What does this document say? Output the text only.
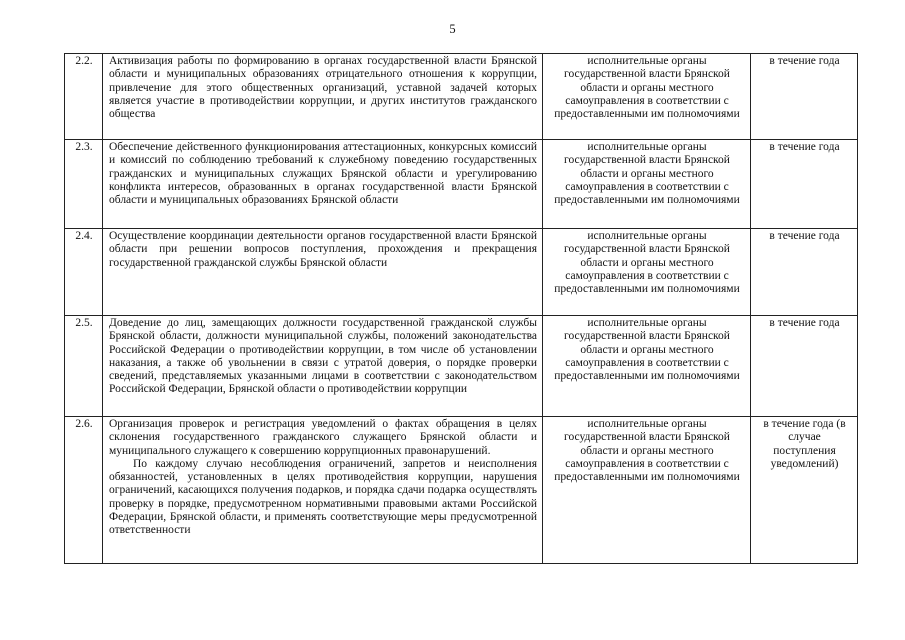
5
2.2.	Активизация работы по формированию в органах государственной власти Брянской области и муниципальных образованиях отрицательного отношения к коррупции, привлечение для этого общественных организаций, уставной задачей которых является участие в противодействии коррупции, и других институтов гражданского общества	исполнительные органы государственной власти Брянской области и органы местного самоуправления в соответствии с предоставленными им полномочиями	в течение года
2.3.	Обеспечение действенного функционирования аттестационных, конкурсных комиссий и комиссий по соблюдению требований к служебному поведению государственных гражданских и муниципальных служащих Брянской области и урегулированию конфликта интересов, образованных в органах государственной власти Брянской области и муниципальных образованиях Брянской области	исполнительные органы государственной власти Брянской области и органы местного самоуправления в соответствии с предоставленными им полномочиями	в течение года
2.4.	Осуществление координации деятельности органов государственной власти Брянской области при решении вопросов поступления, прохождения и прекращения государственной гражданской службы Брянской области	исполнительные органы государственной власти Брянской области и органы местного самоуправления в соответствии с предоставленными им полномочиями	в течение года
2.5.	Доведение до лиц, замещающих должности государственной гражданской службы Брянской области, должности муниципальной службы, положений законодательства Российской Федерации о противодействии коррупции, в том числе об установлении наказания, а также об увольнении в связи с утратой доверия, о порядке проверки сведений, представляемых указанными лицами в соответствии с законодательством Российской Федерации, Брянской области о противодействии коррупции	исполнительные органы государственной власти Брянской области и органы местного самоуправления в соответствии с предоставленными им полномочиями	в течение года
2.6.	Организация проверок и регистрация уведомлений о фактах обращения в целях склонения государственного гражданского служащего Брянской области и муниципального служащего к совершению коррупционных правонарушений.

По каждому случаю несоблюдения ограничений, запретов и неисполнения обязанностей, установленных в целях противодействия коррупции, нарушения ограничений, касающихся получения подарков, и порядка сдачи подарка осуществлять проверку в порядке, предусмотренном нормативными правовыми актами Российской Федерации, Брянской области, и применять соответствующие меры предусмотренной ответственности	исполнительные органы государственной власти Брянской области и органы местного самоуправления в соответствии с предоставленными им полномочиями	в течение года (в случае поступления уведомлений)
